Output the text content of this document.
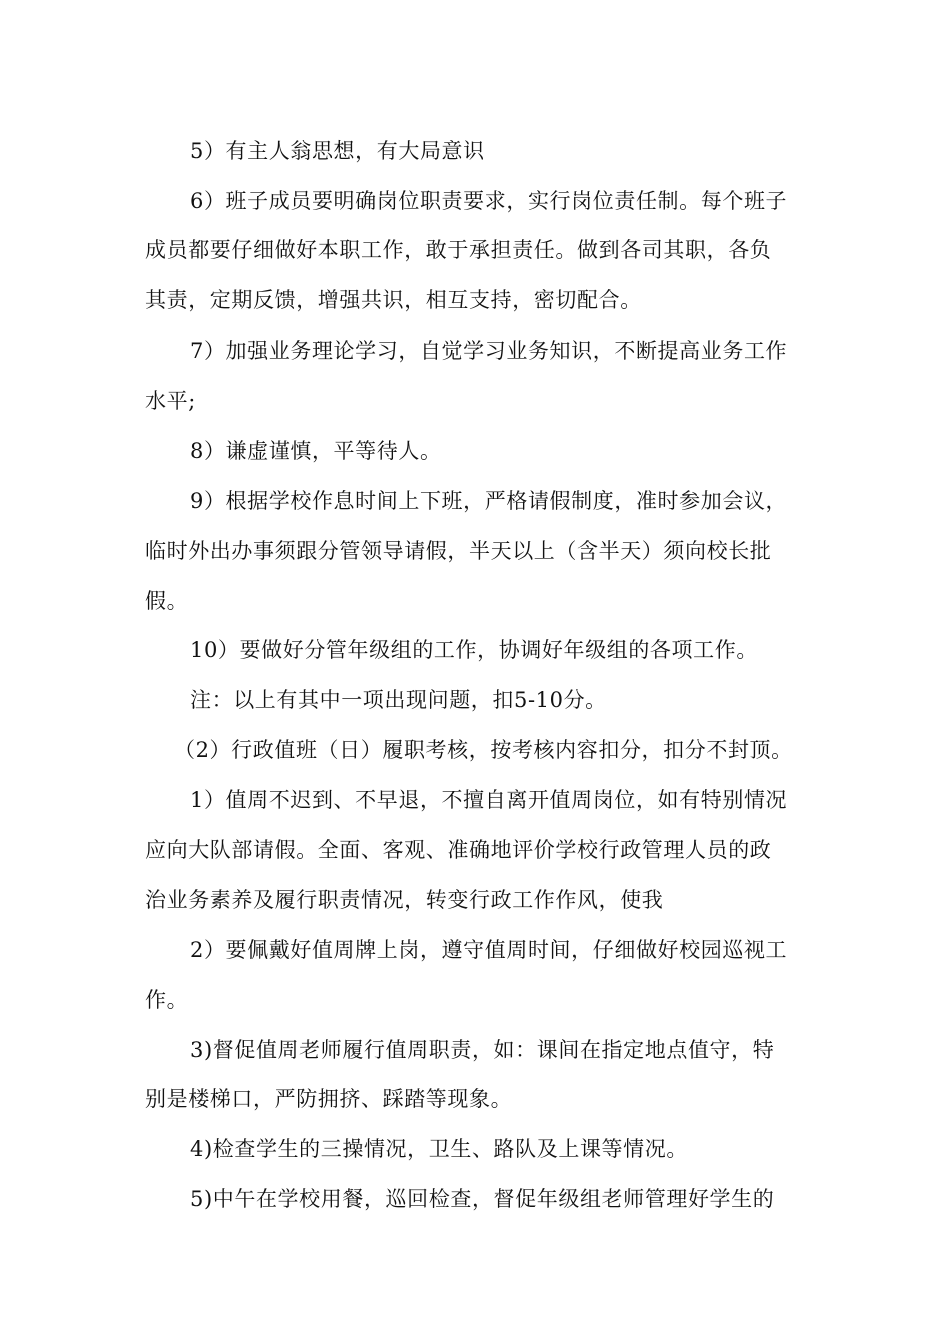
5）有主人翁思想，有大局意识
6）班子成员要明确岗位职责要求，实行岗位责任制。每个班子
成员都要仔细做好本职工作，敢于承担责任。做到各司其职，各负
其责，定期反馈，增强共识，相互支持，密切配合。
7）加强业务理论学习，自觉学习业务知识，不断提高业务工作
水平;
8）谦虚谨慎，平等待人。
9）根据学校作息时间上下班，严格请假制度，准时参加会议，
临时外出办事须跟分管领导请假，半天以上（含半天）须向校长批
假。
10）要做好分管年级组的工作，协调好年级组的各项工作。
注：以上有其中一项出现问题，扣5-10分。
（2）行政值班（日）履职考核，按考核内容扣分，扣分不封顶。
1）值周不迟到、不早退，不擅自离开值周岗位，如有特别情况
应向大队部请假。全面、客观、准确地评价学校行政管理人员的政
治业务素养及履行职责情况，转变行政工作作风，使我
2）要佩戴好值周牌上岗，遵守值周时间，仔细做好校园巡视工
作。
3)督促值周老师履行值周职责，如：课间在指定地点值守，特
别是楼梯口，严防拥挤、踩踏等现象。
4)检查学生的三操情况，卫生、路队及上课等情况。
5)中午在学校用餐，巡回检查，督促年级组老师管理好学生的
